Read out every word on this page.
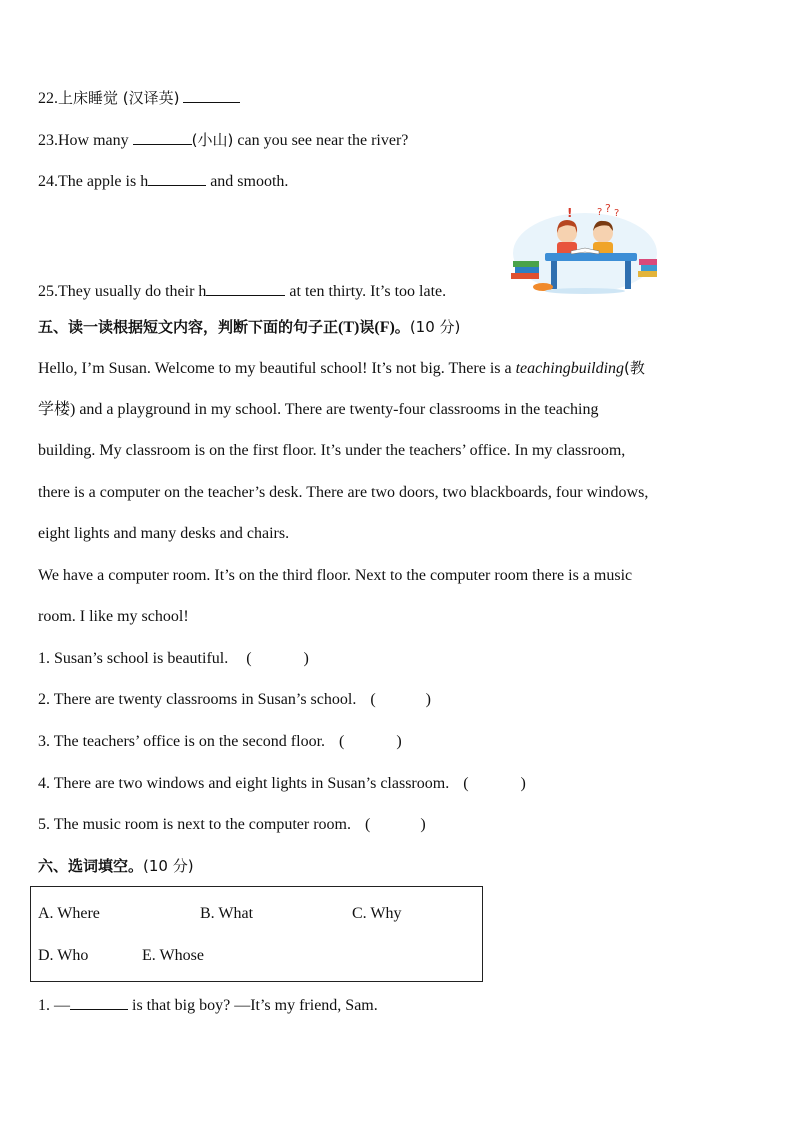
22.上床睡觉 (汉译英)
23.How many	(小山) can you see near the river?
24.The apple is h	and smooth.
! ? ? ?
25.They usually do their h	at ten thirty. It’s too late.
五、读一读根据短文内容，判断下面的句子正(T)误(F)。(10 分)
Hello, I’m Susan. Welcome to my beautiful school! It’s not big. There is a teachingbuilding(教
学楼) and a playground in my school. There are twenty-four classrooms in the teaching
building. My classroom is on the first floor. It’s under the teachers’ office. In my classroom,
there is a computer on the teacher’s desk. There are two doors, two blackboards, four windows,
eight lights and many desks and chairs.
We have a computer room. It’s on the third floor. Next to the computer room there is a music
room. I like my school!
1. Susan’s school is beautiful. (	)
2. There are twenty classrooms in Susan’s school. (	)
3. The teachers’ office is on the second floor. (	)
4. There are two windows and eight lights in Susan’s classroom. (	)
5. The music room is next to the computer room. (	)
六、选词填空。(10 分)
A. Where	B. What	C. Why
D. Who	E. Whose
1. —	is that big boy? —It’s my friend, Sam.
